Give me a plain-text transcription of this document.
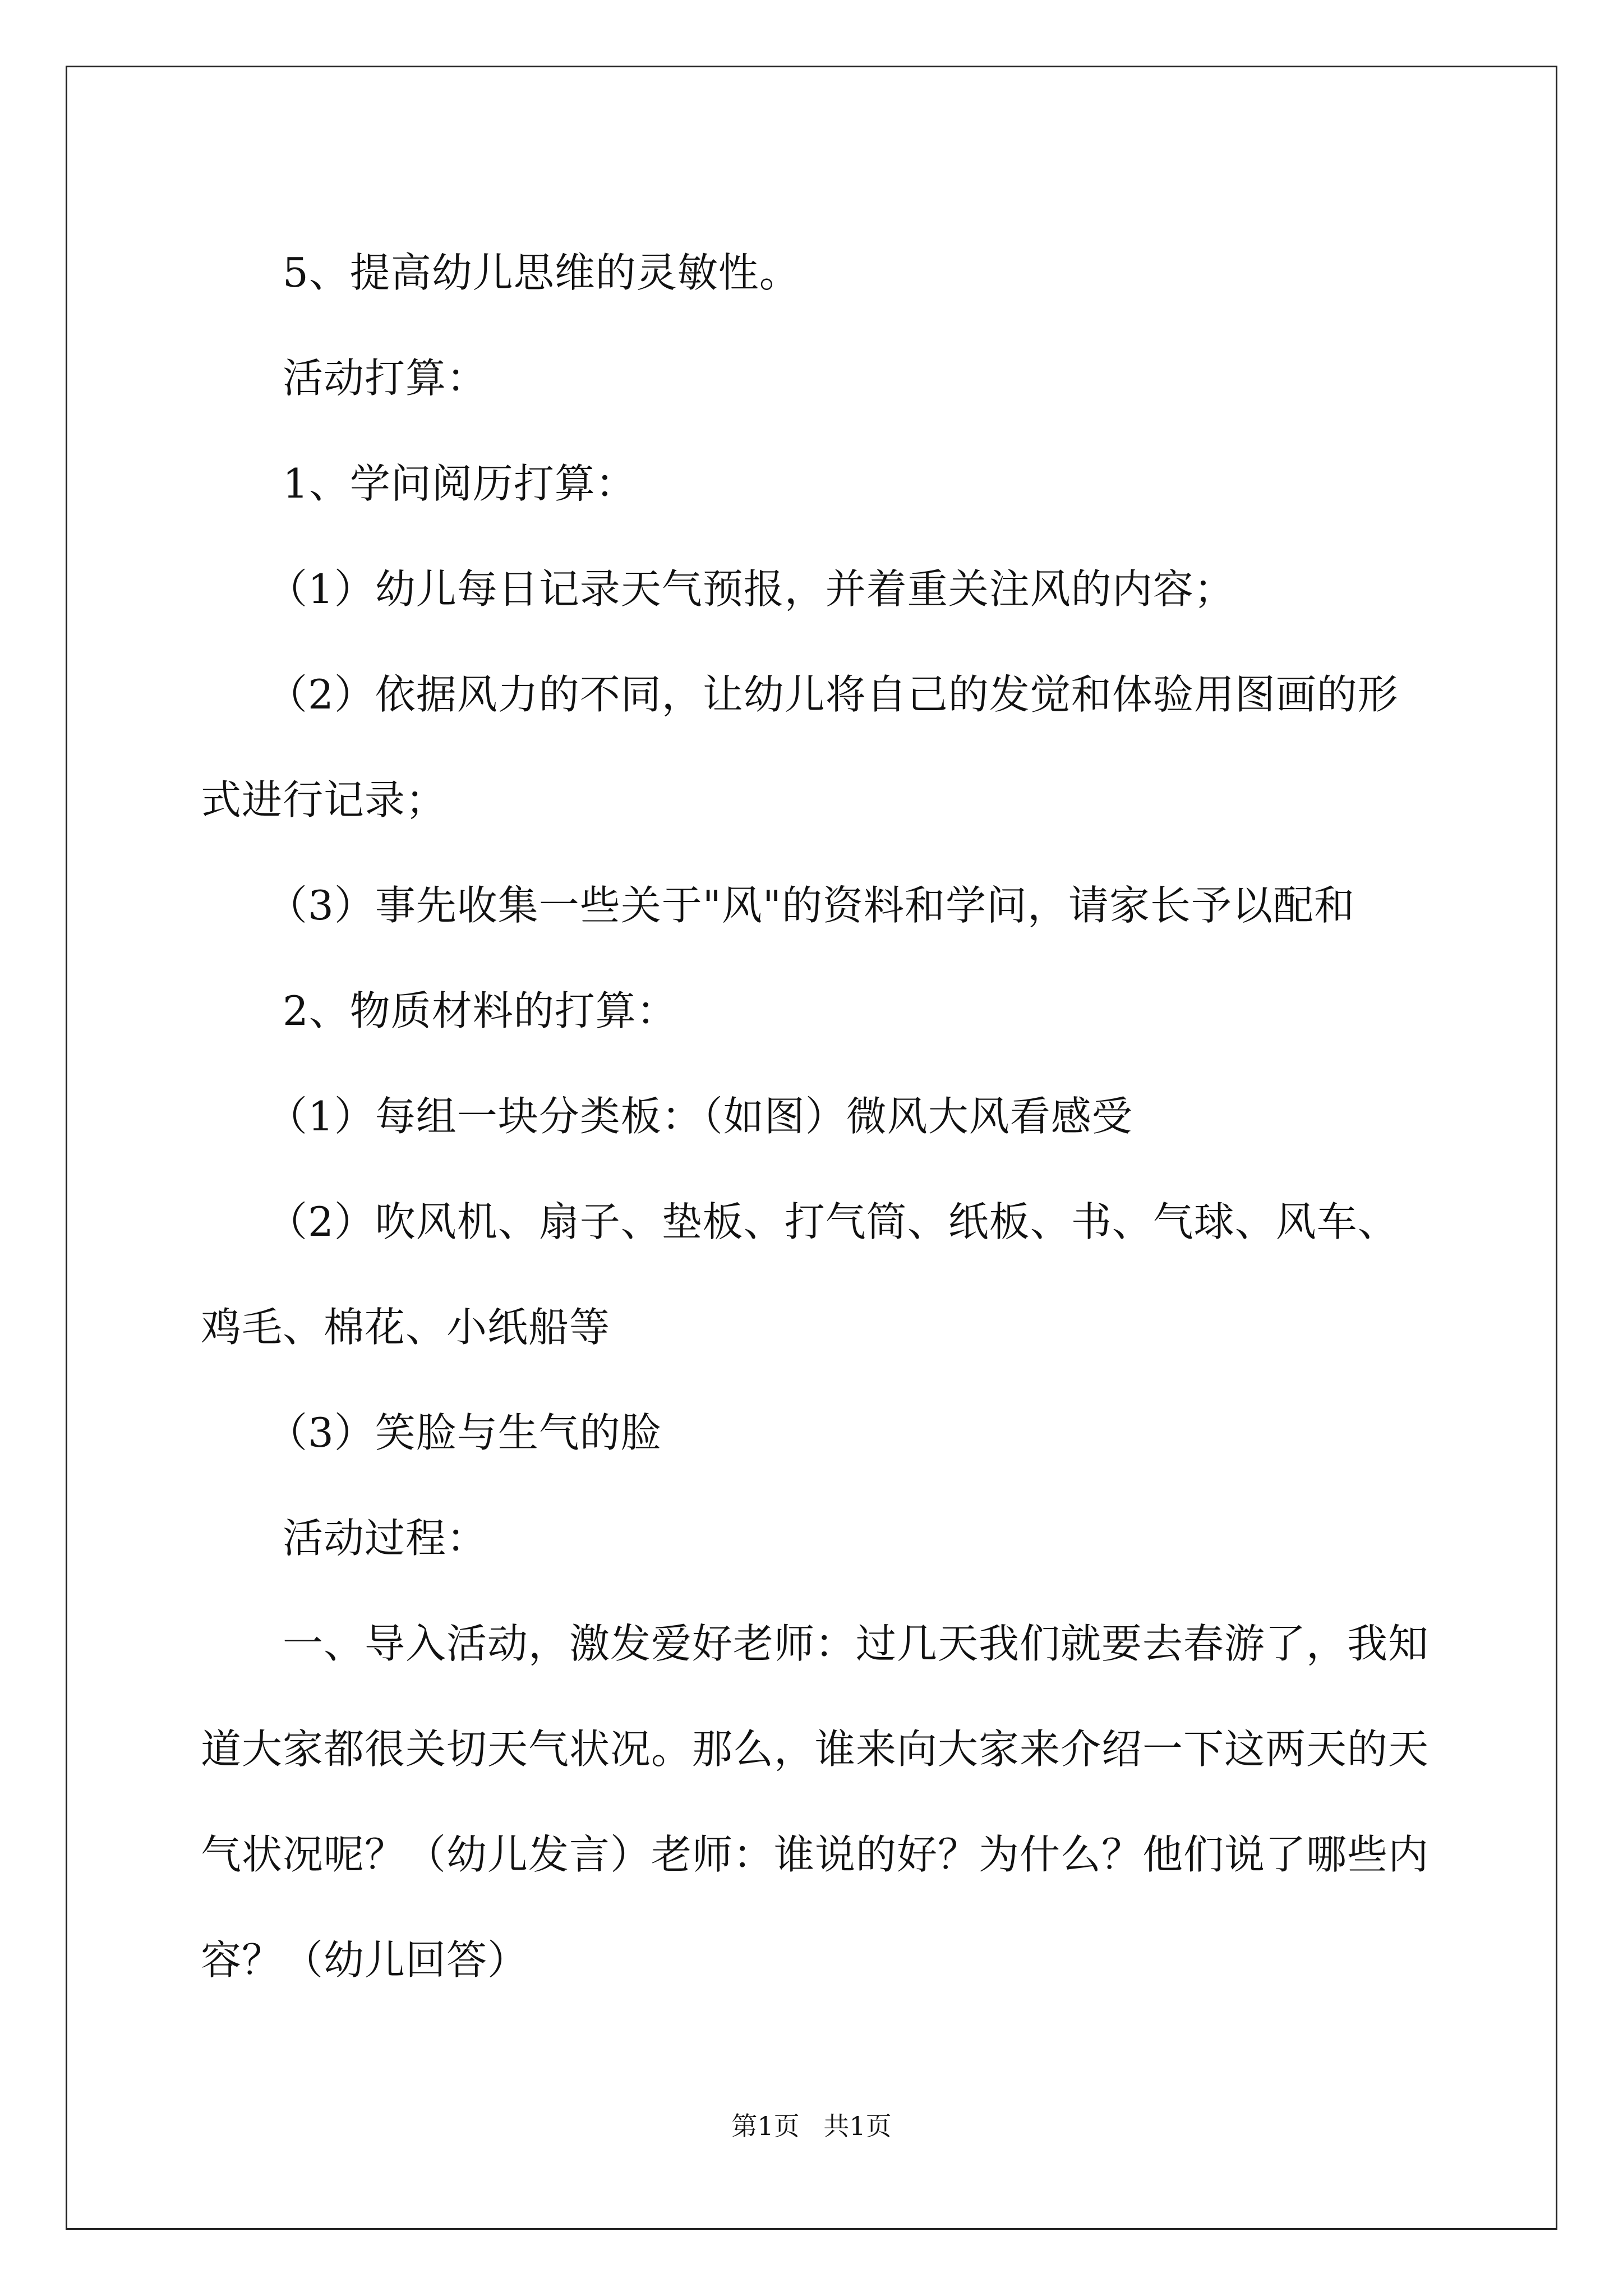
5、提高幼儿思维的灵敏性。

活动打算：

1、学问阅历打算：

（1）幼儿每日记录天气预报，并着重关注风的内容；

（2）依据风力的不同，让幼儿将自己的发觉和体验用图画的形式进行记录；

（3）事先收集一些关于"风"的资料和学问，请家长予以配和

2、物质材料的打算：

（1）每组一块分类板：（如图）微风大风看感受

（2）吹风机、扇子、垫板、打气筒、纸板、书、气球、风车、鸡毛、棉花、小纸船等

（3）笑脸与生气的脸

活动过程：

一、导入活动，激发爱好老师：过几天我们就要去春游了，我知道大家都很关切天气状况。那么，谁来向大家来介绍一下这两天的天气状况呢？（幼儿发言）老师：谁说的好？为什么？他们说了哪些内容？（幼儿回答）

第1页 共1页
